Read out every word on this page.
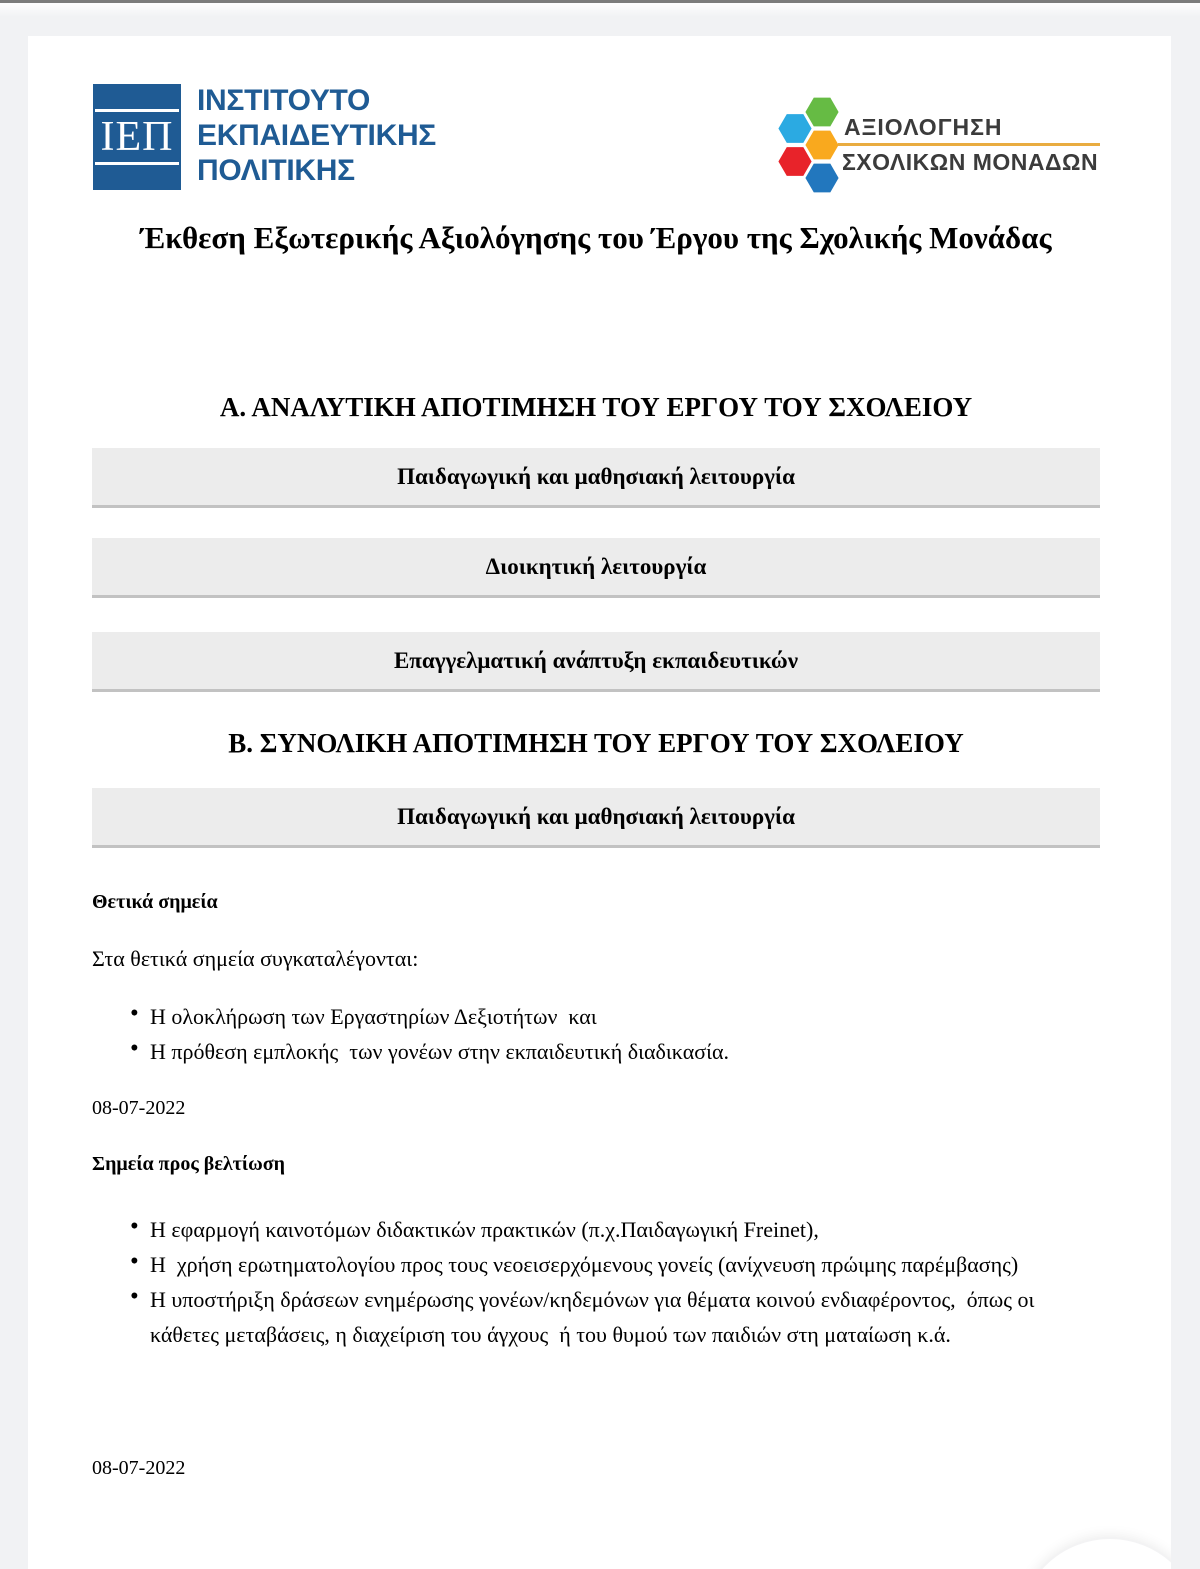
ΙΕΠ
ΙΝΣΤΙΤΟΥΤΟ
ΕΚΠΑΙΔΕΥΤΙΚΗΣ
ΠΟΛΙΤΙΚΗΣ
ΑΞΙΟΛΟΓΗΣΗ
ΣΧΟΛΙΚΩΝ ΜΟΝΑΔΩΝ
Έκθεση Εξωτερικής Αξιολόγησης του Έργου της Σχολικής Μονάδας
Α. ΑΝΑΛΥΤΙΚΗ ΑΠΟΤΙΜΗΣΗ ΤΟΥ ΕΡΓΟΥ ΤΟΥ ΣΧΟΛΕΙΟΥ
Παιδαγωγική και μαθησιακή λειτουργία
Διοικητική λειτουργία
Επαγγελματική ανάπτυξη εκπαιδευτικών
Β. ΣΥΝΟΛΙΚΗ ΑΠΟΤΙΜΗΣΗ ΤΟΥ ΕΡΓΟΥ ΤΟΥ ΣΧΟΛΕΙΟΥ
Παιδαγωγική και μαθησιακή λειτουργία
Θετικά σημεία

Στα θετικά σημεία συγκαταλέγονται:

• Η ολοκλήρωση των Εργαστηρίων Δεξιοτήτων  και
• Η πρόθεση εμπλοκής  των γονέων στην εκπαιδευτική διαδικασία.
08-07-2022
Σημεία προς βελτίωση
• Η εφαρμογή καινοτόμων διδακτικών πρακτικών (π.χ.Παιδαγωγική Freinet),
• Η  χρήση ερωτηματολογίου προς τους νεοεισερχόμενους γονείς (ανίχνευση πρώιμης παρέμβασης)
• Η υποστήριξη δράσεων ενημέρωσης γονέων/κηδεμόνων για θέματα κοινού ενδιαφέροντος,  όπως οι κάθετες μεταβάσεις, η διαχείριση του άγχους  ή του θυμού των παιδιών στη ματαίωση κ.ά.
08-07-2022
